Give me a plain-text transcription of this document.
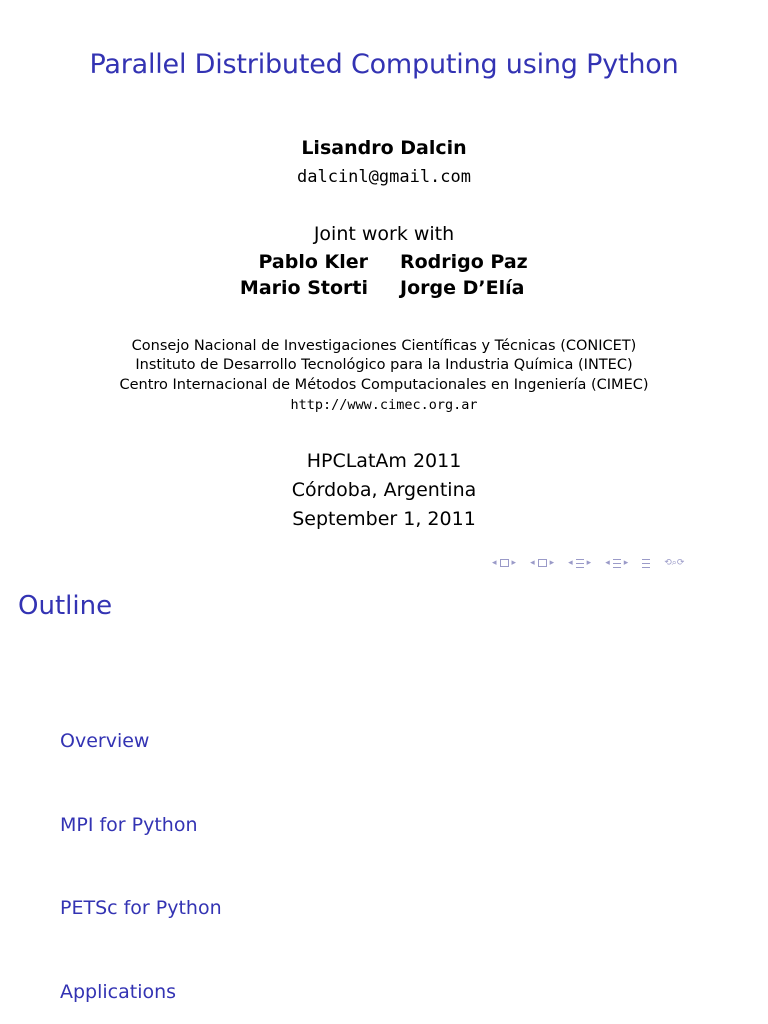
Parallel Distributed Computing using Python
Lisandro Dalcin
dalcinl@gmail.com
Joint work with
Pablo Kler	Rodrigo Paz
Mario Storti	Jorge D’Elía
Consejo Nacional de Investigaciones Científicas y Técnicas (CONICET)
Instituto de Desarrollo Tecnológico para la Industria Química (INTEC)
Centro Internacional de Métodos Computacionales en Ingeniería (CIMEC)
http://www.cimec.org.ar
HPCLatAm 2011
Córdoba, Argentina
September 1, 2011
◂ ▸ ◂ ▸ ◂ ▸ ◂ ▸	⟲⌕⟳
Outline
Overview
MPI for Python
PETSc for Python
Applications
